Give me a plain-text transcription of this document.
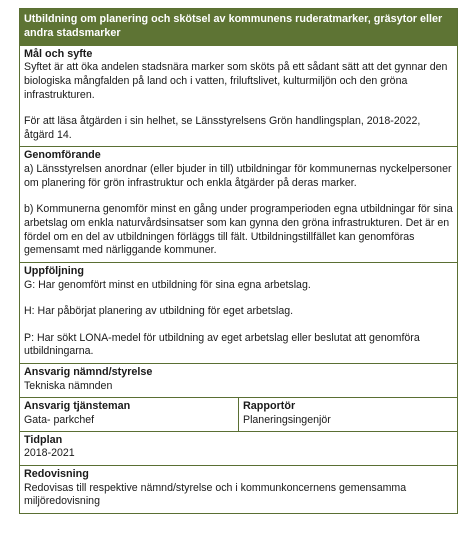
Utbildning om planering och skötsel av kommunens ruderatmarker, gräsytor eller andra stadsmarker
Mål och syfte

Syftet är att öka andelen stadsnära marker som sköts på ett sådant sätt att det gynnar den biologiska mångfalden på land och i vatten, friluftslivet, kulturmiljön och den gröna infrastrukturen.

För att läsa åtgärden i sin helhet, se Länsstyrelsens Grön handlingsplan, 2018-2022, åtgärd 14.

Genomförande

a) Länsstyrelsen anordnar (eller bjuder in till) utbildningar för kommunernas nyckelpersoner om planering för grön infrastruktur och enkla åtgärder på deras marker.

b) Kommunerna genomför minst en gång under programperioden egna utbildningar för sina arbetslag om enkla naturvårdsinsatser som kan gynna den gröna infrastrukturen. Det är en fördel om en del av utbildningen förläggs till fält. Utbildningstillfället kan genomföras gemensamt med närliggande kommuner.

Uppföljning

G: Har genomfört minst en utbildning för sina egna arbetslag.

H: Har påbörjat planering av utbildning för eget arbetslag.

P: Har sökt LONA-medel för utbildning av eget arbetslag eller beslutat att genomföra utbildningarna.

Ansvarig nämnd/styrelse
Tekniska nämnden
Ansvarig tjänsteman
Gata- parkchef
Rapportör
Planeringsingenjör
Tidplan
2018-2021
Redovisning
Redovisas till respektive nämnd/styrelse och i kommunkoncernens gemensamma miljöredovisning
